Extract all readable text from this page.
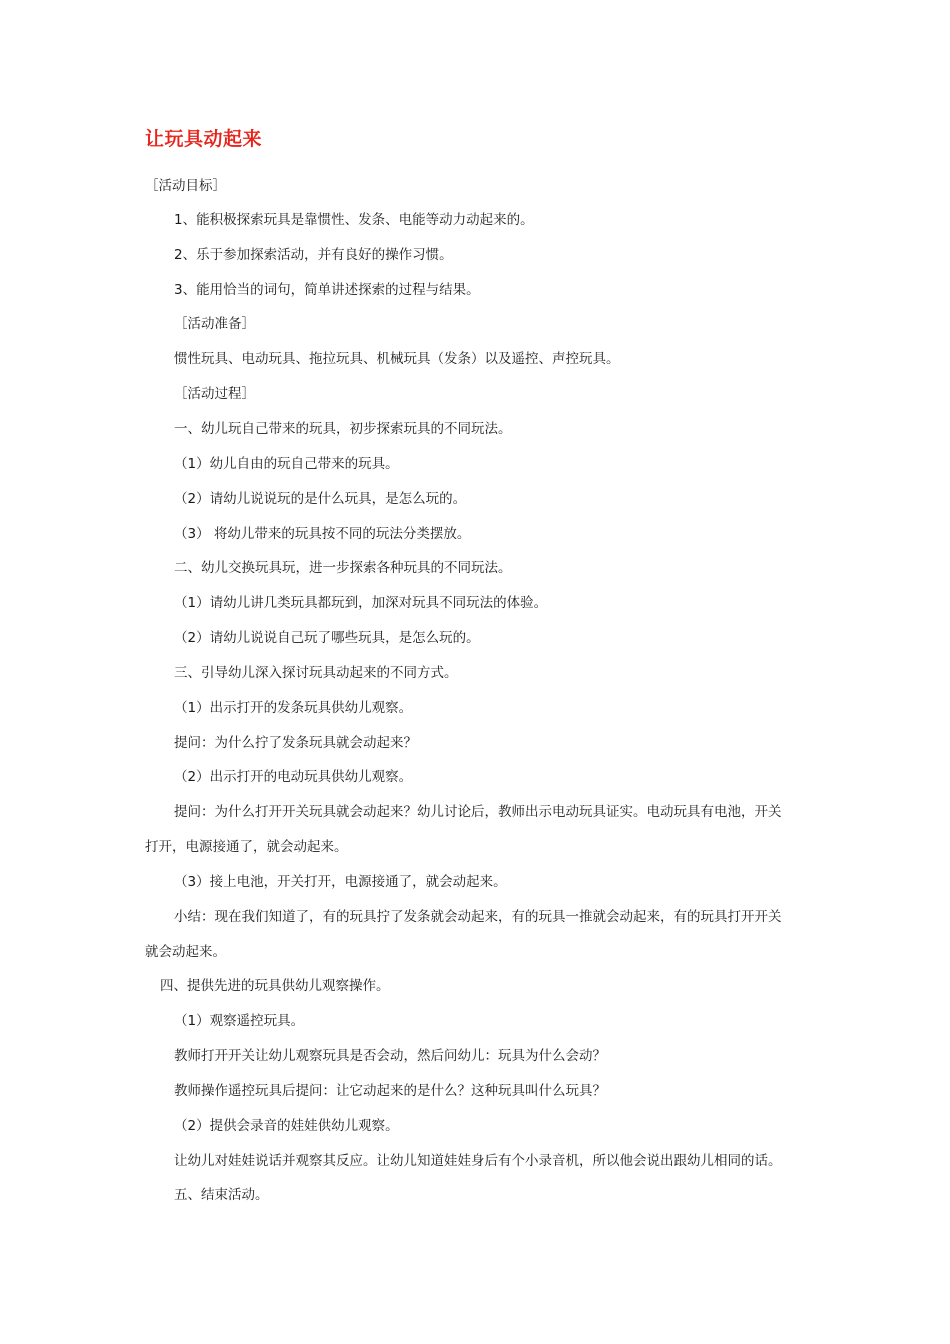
让玩具动起来
［活动目标］
1、能积极探索玩具是靠惯性、发条、电能等动力动起来的。
2、乐于参加探索活动，并有良好的操作习惯。
3、能用恰当的词句，简单讲述探索的过程与结果。
［活动准备］
惯性玩具、电动玩具、拖拉玩具、机械玩具（发条）以及遥控、声控玩具。
［活动过程］
一、幼儿玩自己带来的玩具，初步探索玩具的不同玩法。
（1）幼儿自由的玩自己带来的玩具。
（2）请幼儿说说玩的是什么玩具，是怎么玩的。
（3） 将幼儿带来的玩具按不同的玩法分类摆放。
二、幼儿交换玩具玩，进一步探索各种玩具的不同玩法。
（1）请幼儿讲几类玩具都玩到，加深对玩具不同玩法的体验。
（2）请幼儿说说自己玩了哪些玩具，是怎么玩的。
三、引导幼儿深入探讨玩具动起来的不同方式。
（1）出示打开的发条玩具供幼儿观察。
提问：为什么拧了发条玩具就会动起来？
（2）出示打开的电动玩具供幼儿观察。
提问：为什么打开开关玩具就会动起来？幼儿讨论后，教师出示电动玩具证实。电动玩具有电池，开关
打开，电源接通了，就会动起来。
（3）接上电池，开关打开，电源接通了，就会动起来。
小结：现在我们知道了，有的玩具拧了发条就会动起来，有的玩具一推就会动起来，有的玩具打开开关
就会动起来。
四、提供先进的玩具供幼儿观察操作。
（1）观察遥控玩具。
教师打开开关让幼儿观察玩具是否会动，然后问幼儿：玩具为什么会动？
教师操作遥控玩具后提问：让它动起来的是什么？这种玩具叫什么玩具？
（2）提供会录音的娃娃供幼儿观察。
让幼儿对娃娃说话并观察其反应。让幼儿知道娃娃身后有个小录音机，所以他会说出跟幼儿相同的话。
五、结束活动。
